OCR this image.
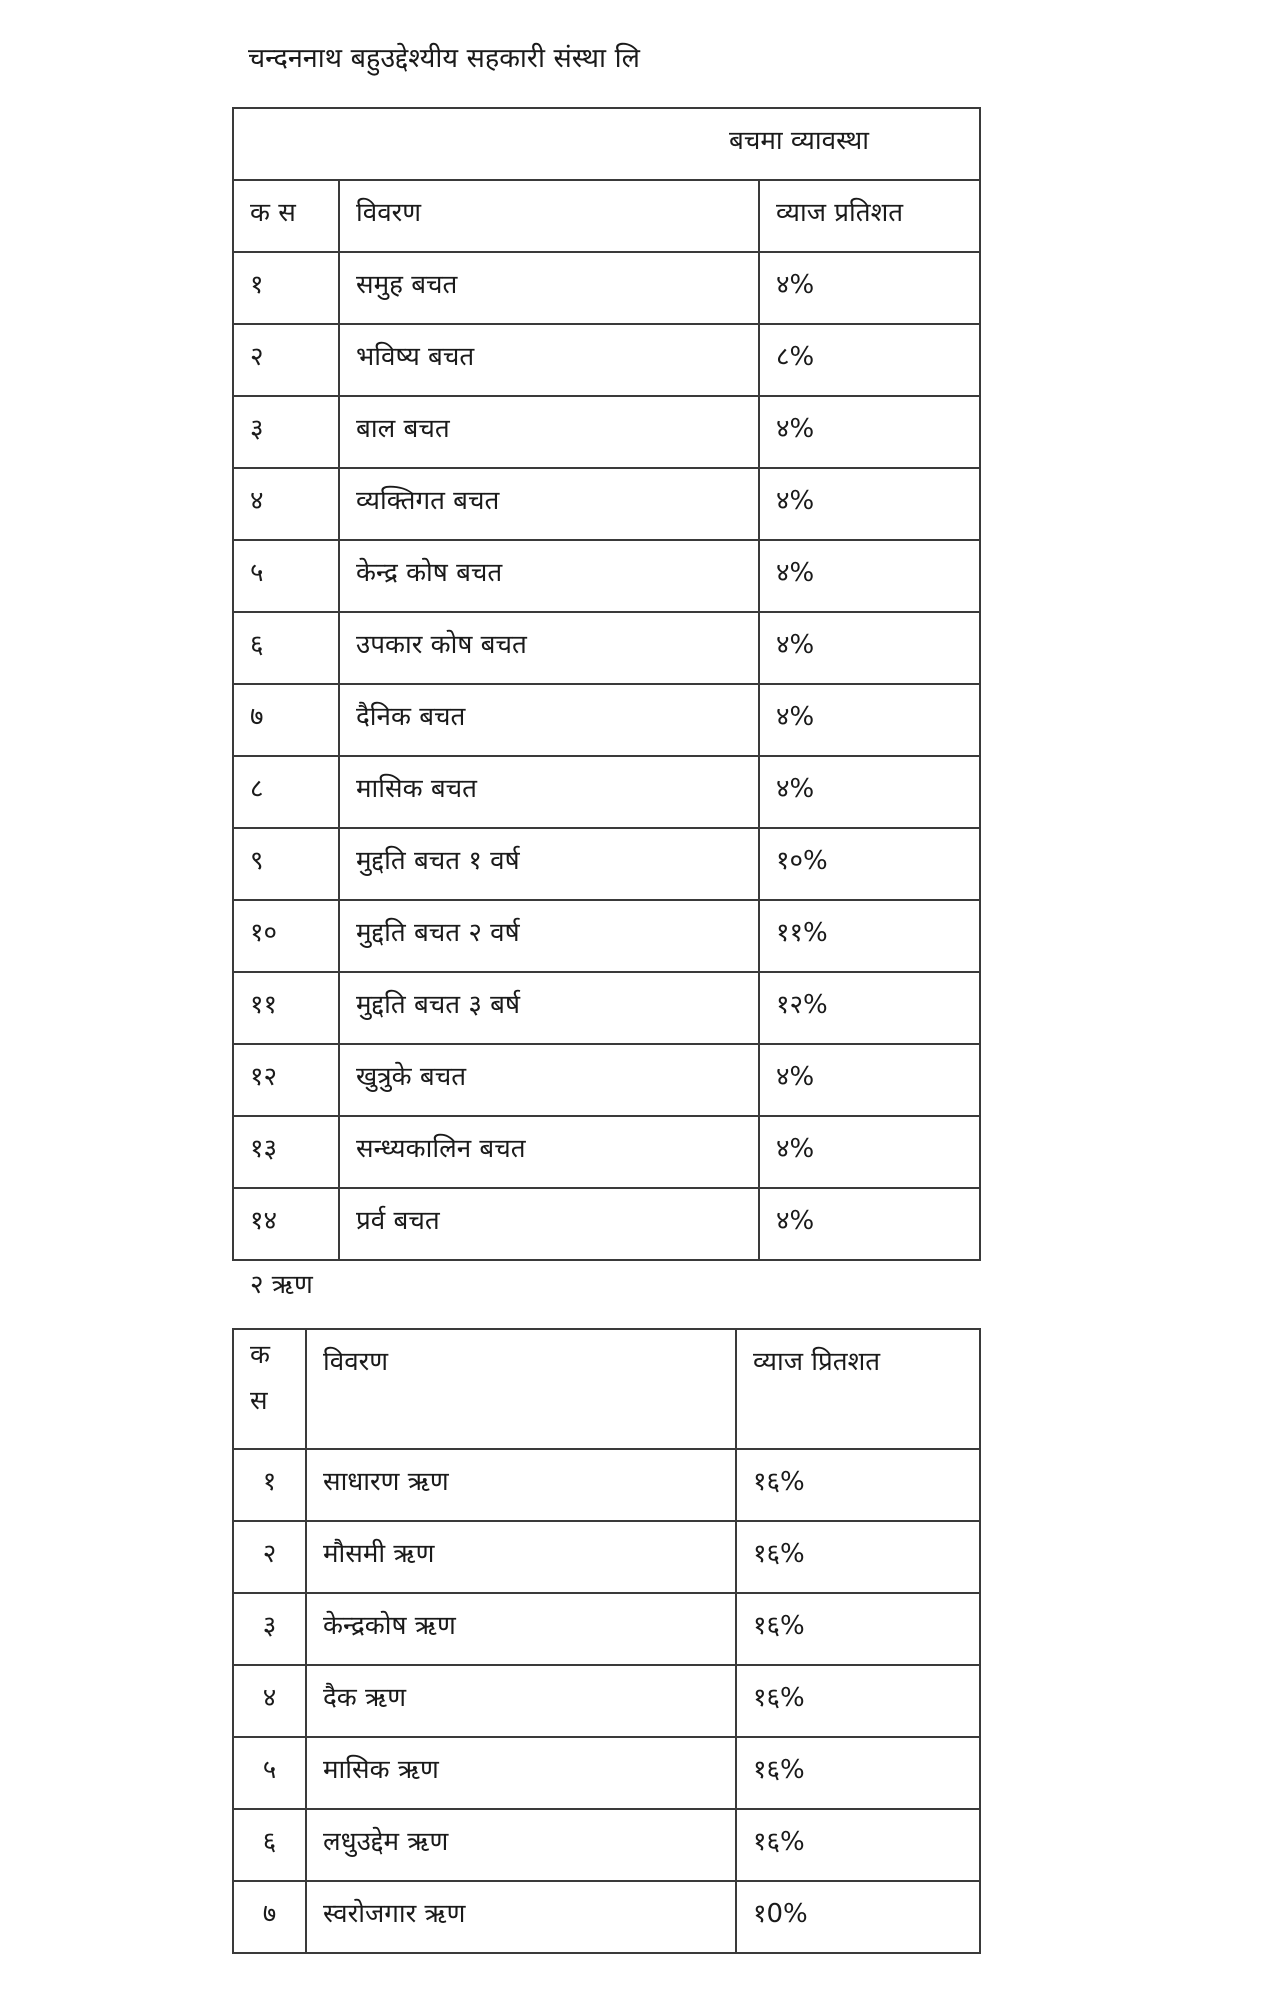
चन्दननाथ बहुउद्देश्यीय सहकारी संस्था लि
बचमा व्यावस्था		
क स	विवरण	व्याज प्रतिशत
१	समुह बचत	४%
२	भविष्य बचत	८%
३	बाल बचत	४%
४	व्यक्तिगत बचत	४%
५	केन्द्र कोष बचत	४%
६	उपकार कोष बचत	४%
७	दैनिक बचत	४%
८	मासिक बचत	४%
९	मुद्दति बचत १ वर्ष	१०%
१०	मुद्दति बचत २ वर्ष	११%
११	मुद्दति बचत ३ बर्ष	१२%
१२	खुत्रुके बचत	४%
१३	सन्ध्यकालिन बचत	४%
१४	प्रर्व बचत	४%
२ ऋण
क स	विवरण	व्याज प्रितशत
१	साधारण ऋण	१६%
२	मौसमी ऋण	१६%
३	केन्द्रकोष ऋण	१६%
४	दैक ऋण	१६%
५	मासिक ऋण	१६%
६	लधुउद्देम ऋण	१६%
७	स्वरोजगार ऋण	१0%
